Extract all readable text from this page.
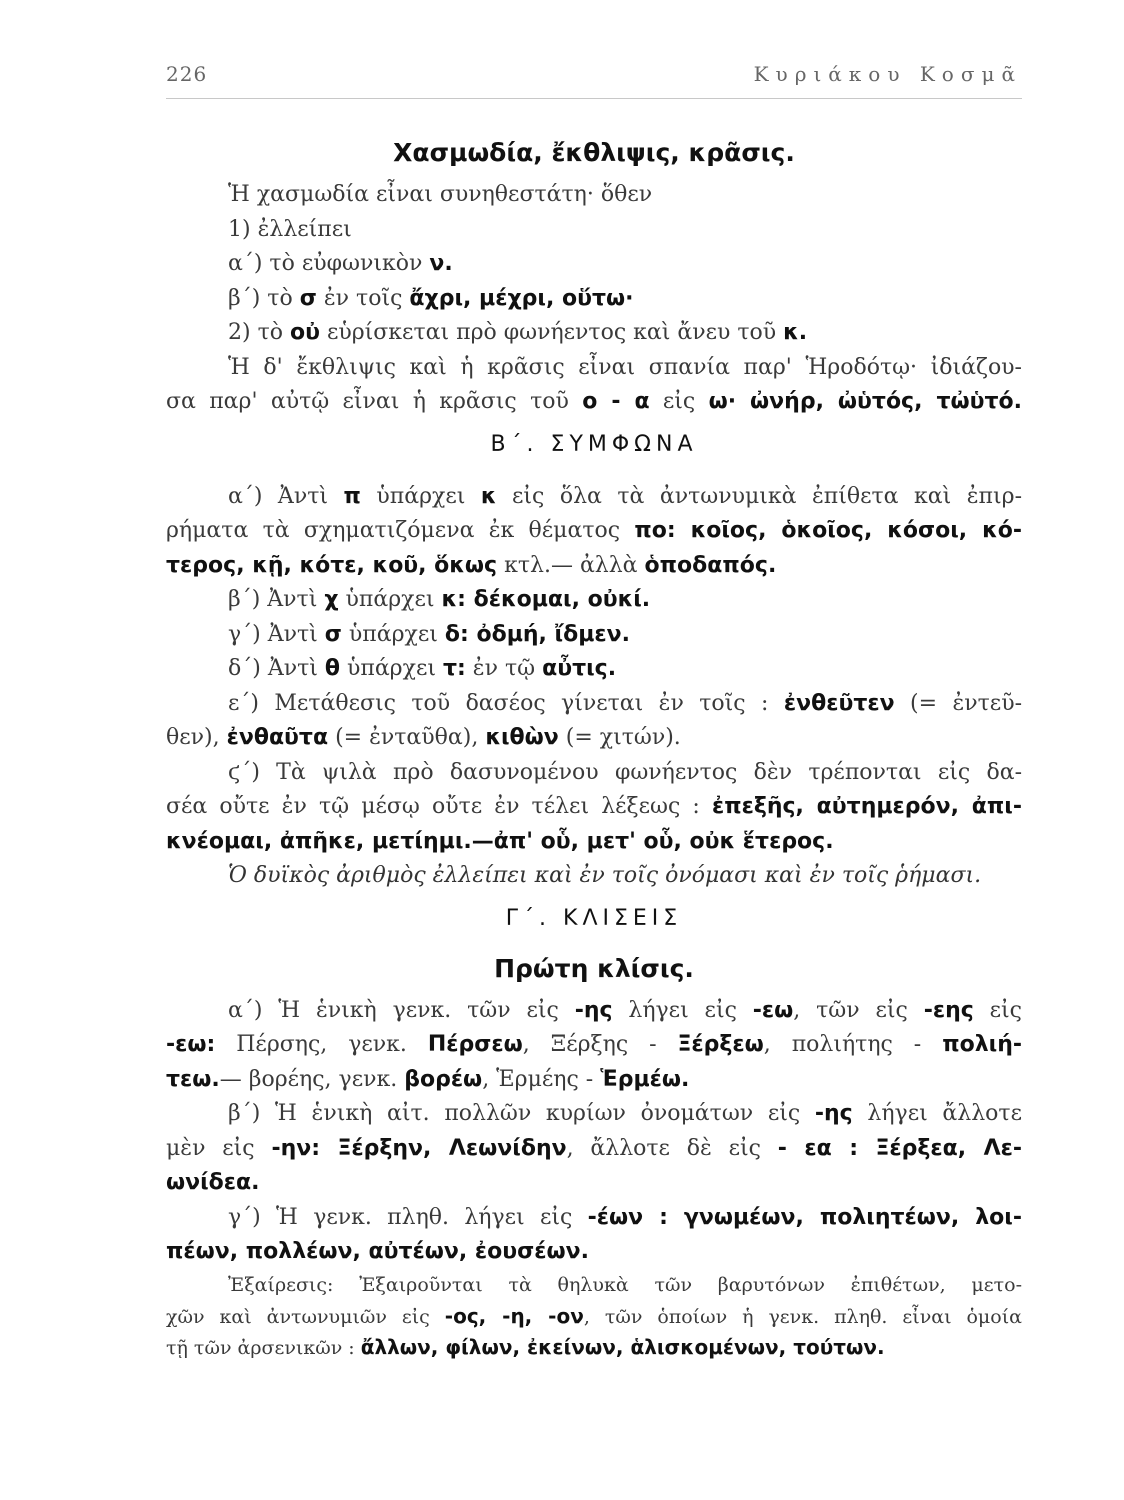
226	Κυριάκου Κοσμᾶ
Χασμωδία, ἔκθλιψις, κρᾶσις.
Ἡ χασμωδία εἶναι συνηθεστάτη· ὅθεν
1) ἐλλείπει
α΄) τὸ εὐφωνικὸν ν.
β΄) τὸ σ ἐν τοῖς ἄχρι, μέχρι, οὕτω·
2) τὸ οὐ εὑρίσκεται πρὸ φωνήεντος καὶ ἄνευ τοῦ κ.
Ἡ δ' ἔκθλιψις καὶ ἡ κρᾶσις εἶναι σπανία παρ' Ἡροδότῳ· ἰδιάζου-
σα παρ' αὐτῷ εἶναι ἡ κρᾶσις τοῦ ο - α εἰς ω· ὠνήρ, ὠὑτός, τὠὑτό.
Β΄. ΣΥΜΦΩΝΑ
α΄) Ἀντὶ π ὑπάρχει κ εἰς ὅλα τὰ ἀντωνυμικὰ ἐπίθετα καὶ ἐπιρ-
ρήματα τὰ σχηματιζόμενα ἐκ θέματος πο: κοῖος, ὁκοῖος, κόσοι, κό-
τερος, κῇ, κότε, κοῦ, ὅκως κτλ.— ἀλλὰ ὁποδαπός.
β΄) Ἀντὶ χ ὑπάρχει κ: δέκομαι, οὐκί.
γ΄) Ἀντὶ σ ὑπάρχει δ: ὀδμή, ἴδμεν.
δ΄) Ἀντὶ θ ὑπάρχει τ: ἐν τῷ αὖτις.
ε΄) Μετάθεσις τοῦ δασέος γίνεται ἐν τοῖς : ἐνθεῦτεν (= ἐντεῦ-
θεν), ἐνθαῦτα (= ἐνταῦθα), κιθὼν (= χιτών).
ϛ΄) Τὰ ψιλὰ πρὸ δασυνομένου φωνήεντος δὲν τρέπονται εἰς δα-
σέα οὔτε ἐν τῷ μέσῳ οὔτε ἐν τέλει λέξεως : ἐπεξῆς, αὐτημερόν, ἀπι-
κνέομαι, ἀπῆκε, μετίημι.—ἀπ' οὗ, μετ' οὗ, οὐκ ἕτερος.
Ὁ δυϊκὸς ἀριθμὸς ἐλλείπει καὶ ἐν τοῖς ὀνόμασι καὶ ἐν τοῖς ῥήμασι.
Γ΄. ΚΛΙΣΕΙΣ
Πρώτη κλίσις.
α΄) Ἡ ἑνικὴ γενκ. τῶν εἰς -ης λήγει εἰς -εω, τῶν εἰς -εης εἰς
-εω: Πέρσης, γενκ. Πέρσεω, Ξέρξης - Ξέρξεω, πολιήτης - πολιή-
τεω.— βορέης, γενκ. βορέω, Ἑρμέης - Ἑρμέω.
β΄) Ἡ ἑνικὴ αἰτ. πολλῶν κυρίων ὀνομάτων εἰς -ης λήγει ἄλλοτε
μὲν εἰς -ην: Ξέρξην, Λεωνίδην, ἄλλοτε δὲ εἰς - εα : Ξέρξεα, Λε-
ωνίδεα.
γ΄) Ἡ γενκ. πληθ. λήγει εἰς -έων : γνωμέων, πολιητέων, λοι-
πέων, πολλέων, αὐτέων, ἐουσέων.
Ἐξαίρεσις: Ἐξαιροῦνται τὰ θηλυκὰ τῶν βαρυτόνων ἐπιθέτων, μετο-
χῶν καὶ ἀντωνυμιῶν εἰς -ος, -η, -ον, τῶν ὁποίων ἡ γενκ. πληθ. εἶναι ὁμοία
τῇ τῶν ἀρσενικῶν : ἄλλων, φίλων, ἐκείνων, ἁλισκομένων, τούτων.
